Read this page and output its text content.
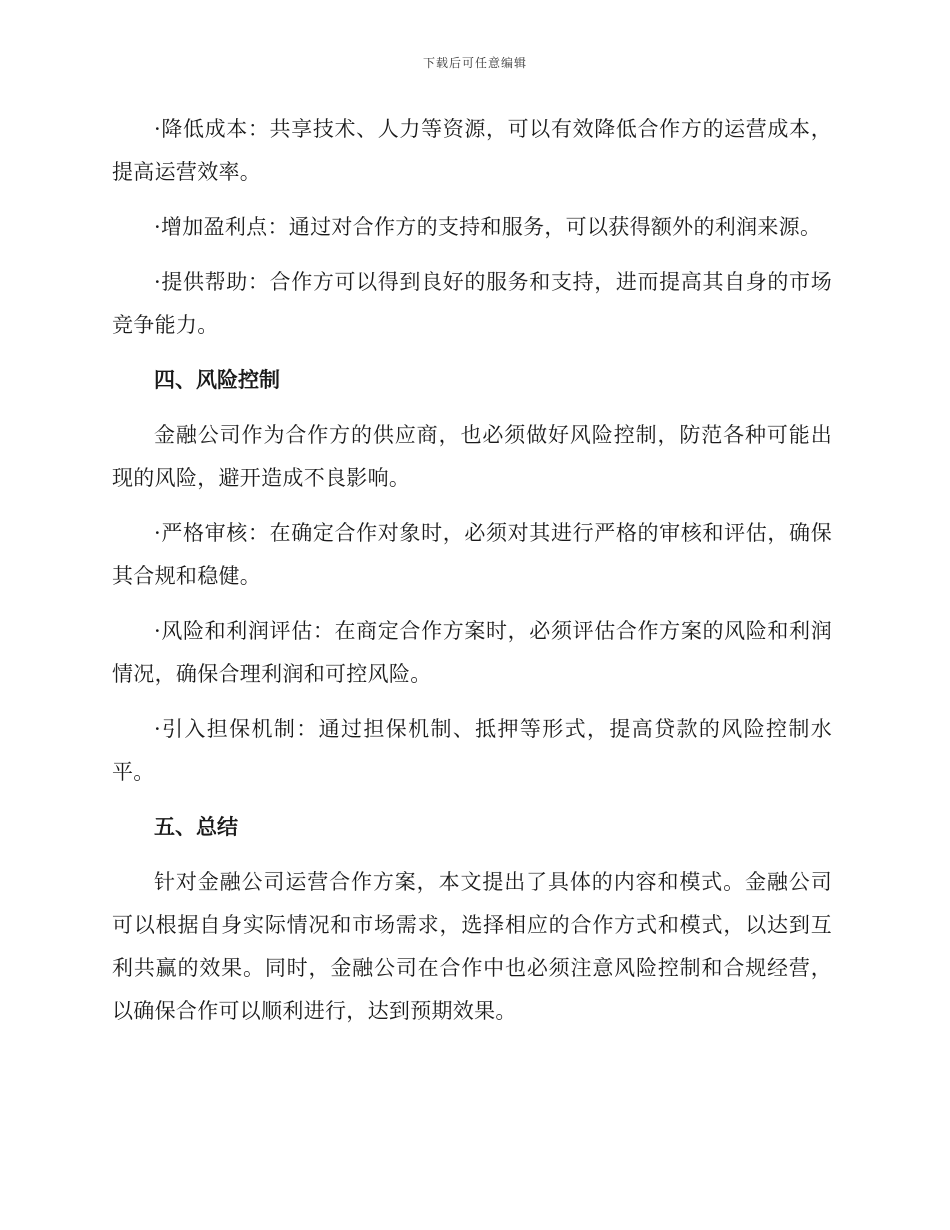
下载后可任意编辑

·降低成本：共享技术、人力等资源，可以有效降低合作方的运营成本，提高运营效率。

·增加盈利点：通过对合作方的支持和服务，可以获得额外的利润来源。

·提供帮助：合作方可以得到良好的服务和支持，进而提高其自身的市场竞争能力。

四、风险控制

金融公司作为合作方的供应商，也必须做好风险控制，防范各种可能出现的风险，避开造成不良影响。

·严格审核：在确定合作对象时，必须对其进行严格的审核和评估，确保其合规和稳健。

·风险和利润评估：在商定合作方案时，必须评估合作方案的风险和利润情况，确保合理利润和可控风险。

·引入担保机制：通过担保机制、抵押等形式，提高贷款的风险控制水平。

五、总结

针对金融公司运营合作方案，本文提出了具体的内容和模式。金融公司可以根据自身实际情况和市场需求，选择相应的合作方式和模式，以达到互利共赢的效果。同时，金融公司在合作中也必须注意风险控制和合规经营，以确保合作可以顺利进行，达到预期效果。
